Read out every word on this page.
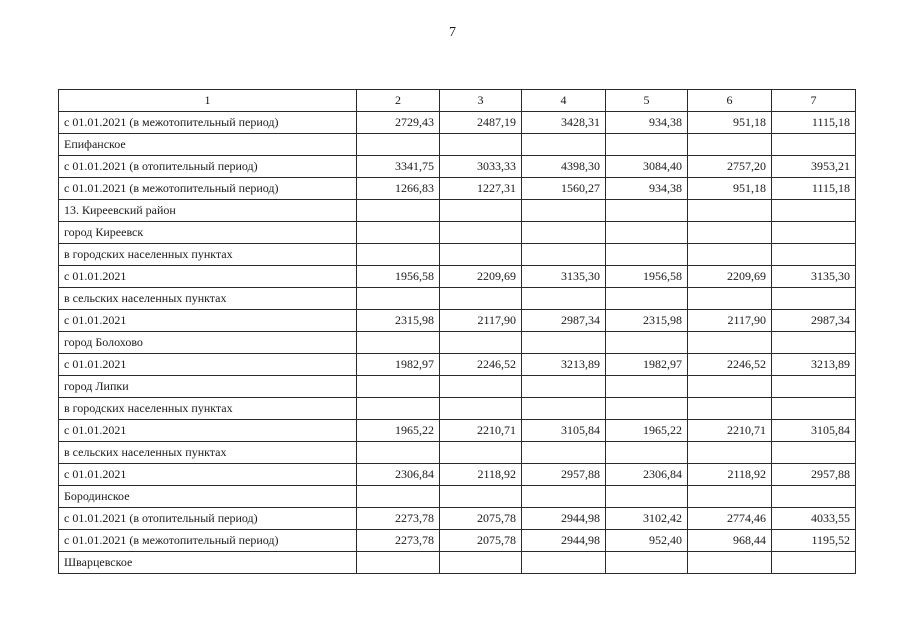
7
1	2	3	4	5	6	7
с 01.01.2021 (в межотопительный период)	2729,43	2487,19	3428,31	934,38	951,18	1115,18
Епифанское						
с 01.01.2021 (в отопительный период)	3341,75	3033,33	4398,30	3084,40	2757,20	3953,21
с 01.01.2021 (в межотопительный период)	1266,83	1227,31	1560,27	934,38	951,18	1115,18
13. Киреевский район						
город Киреевск						
в городских населенных пунктах						
с 01.01.2021	1956,58	2209,69	3135,30	1956,58	2209,69	3135,30
в сельских населенных пунктах						
с 01.01.2021	2315,98	2117,90	2987,34	2315,98	2117,90	2987,34
город Болохово						
с 01.01.2021	1982,97	2246,52	3213,89	1982,97	2246,52	3213,89
город Липки						
в городских населенных пунктах						
с 01.01.2021	1965,22	2210,71	3105,84	1965,22	2210,71	3105,84
в сельских населенных пунктах						
с 01.01.2021	2306,84	2118,92	2957,88	2306,84	2118,92	2957,88
Бородинское						
с 01.01.2021 (в отопительный период)	2273,78	2075,78	2944,98	3102,42	2774,46	4033,55
с 01.01.2021 (в межотопительный период)	2273,78	2075,78	2944,98	952,40	968,44	1195,52
Шварцевское						
